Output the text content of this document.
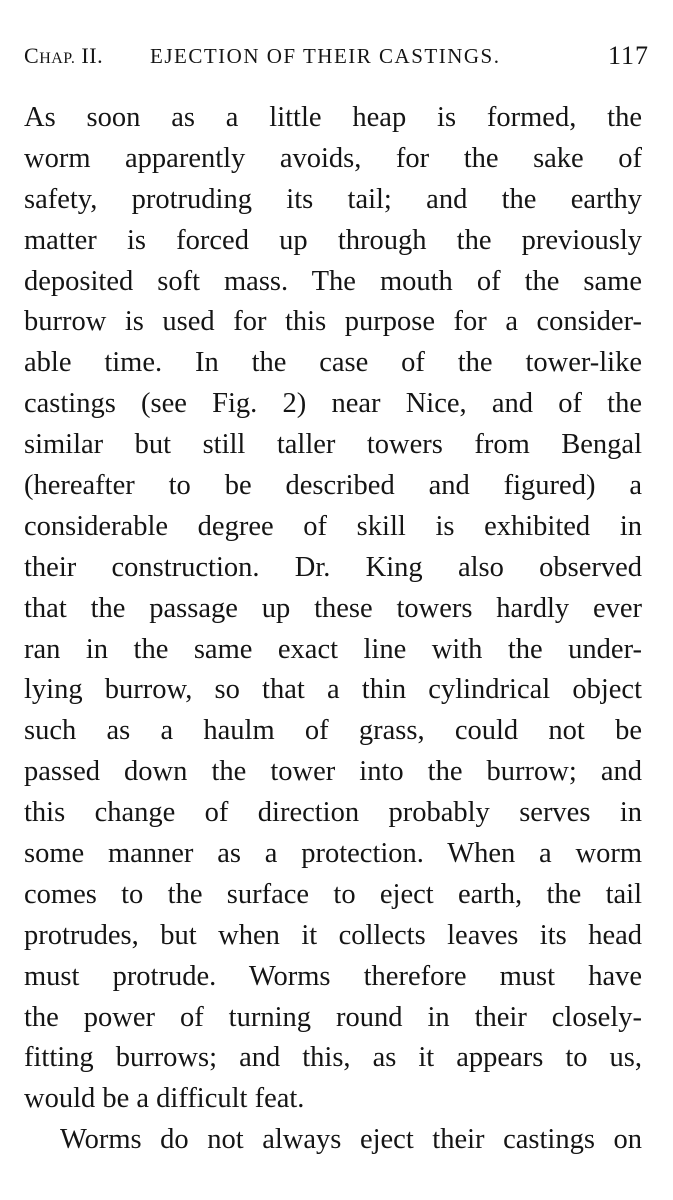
CHAP. II. EJECTION OF THEIR CASTINGS.	117
As soon as a little heap is formed, the
worm apparently avoids, for the sake of
safety, protruding its tail; and the earthy
matter is forced up through the previously
deposited soft mass. The mouth of the same
burrow is used for this purpose for a consider-
able time. In the case of the tower-like
castings (see Fig. 2) near Nice, and of the
similar but still taller towers from Bengal
(hereafter to be described and figured) a
considerable degree of skill is exhibited in
their construction. Dr. King also observed
that the passage up these towers hardly ever
ran in the same exact line with the under-
lying burrow, so that a thin cylindrical object
such as a haulm of grass, could not be
passed down the tower into the burrow; and
this change of direction probably serves in
some manner as a protection. When a worm
comes to the surface to eject earth, the tail
protrudes, but when it collects leaves its head
must protrude. Worms therefore must have
the power of turning round in their closely-
fitting burrows; and this, as it appears to us,
would be a difficult feat.
Worms do not always eject their castings on
